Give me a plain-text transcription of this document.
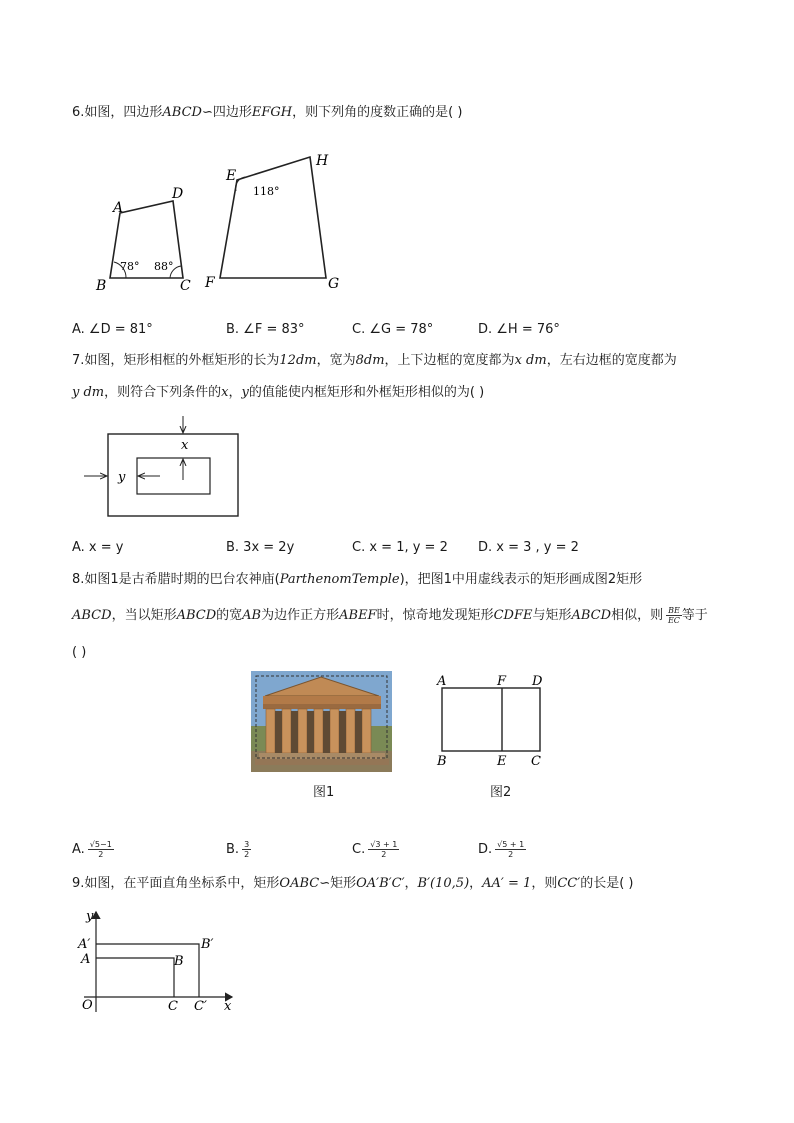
6.如图，四边形ABCD∽四边形EFGH，则下列角的度数正确的是( )
A
D
B	C
78° 88°
E
H
F	G
118°
A. ∠D = 81°	B. ∠F = 83°	C. ∠G = 78°	D. ∠H = 76°
7.如图，矩形相框的外框矩形的长为12dm，宽为8dm，上下边框的宽度都为x dm，左右边框的宽度都为
y dm，则符合下列条件的x，y的值能使内框矩形和外框矩形相似的为( )
x
y
A. x = y	B. 3x = 2y	C. x = 1, y = 2 D. x = 3 , y = 2
8.如图1是古希腊时期的巴台农神庙(ParthenomTemple)，把图1中用虚线表示的矩形画成图2矩形
ABCD，当以矩形ABCD的宽AB为边作正方形ABEF时，惊奇地发现矩形CDFE与矩形ABCD相似，则 $\frac{BE}{EC}$ 等于
( )
图1
A	F D
B	E C
图2
A. $\frac{√5-1}{2}$	B. $\frac{3}{2}$	C. $\frac{√3 + 1}{2}$	D. $\frac{√5 + 1}{2}$
9.如图，在平面直角坐标系中，矩形OABC∽矩形OA′B′C′，B′(10,5)，AA′ = 1，则CC′的长是( )
y
x
O
A′
A	B
B′
C C′
